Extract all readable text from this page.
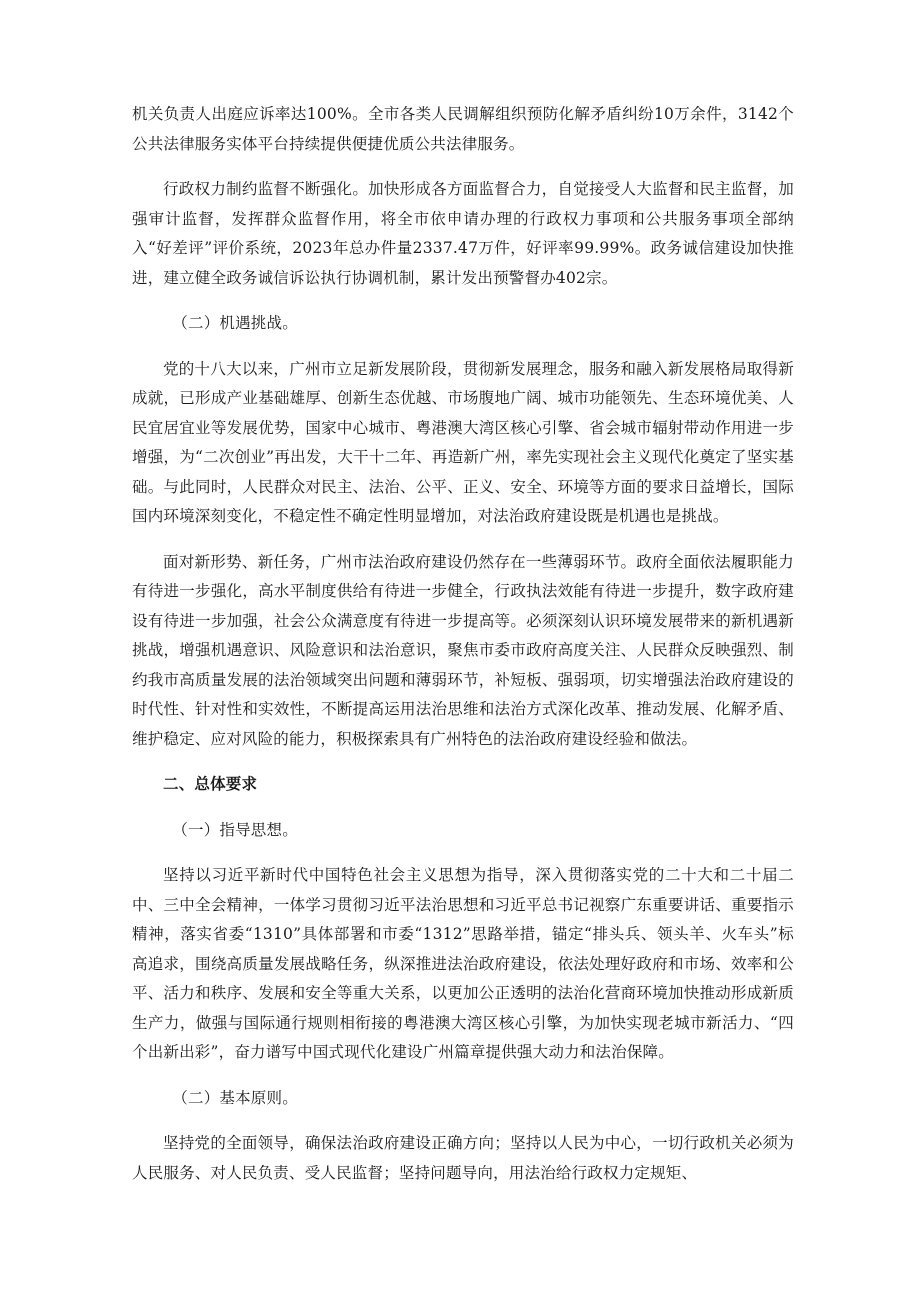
机关负责人出庭应诉率达100%。全市各类人民调解组织预防化解矛盾纠纷10万余件，3142个公共法律服务实体平台持续提供便捷优质公共法律服务。

行政权力制约监督不断强化。加快形成各方面监督合力，自觉接受人大监督和民主监督，加强审计监督，发挥群众监督作用，将全市依申请办理的行政权力事项和公共服务事项全部纳入“好差评”评价系统，2023年总办件量2337.47万件，好评率99.99%。政务诚信建设加快推进，建立健全政务诚信诉讼执行协调机制，累计发出预警督办402宗。

（二）机遇挑战。

党的十八大以来，广州市立足新发展阶段，贯彻新发展理念，服务和融入新发展格局取得新成就，已形成产业基础雄厚、创新生态优越、市场腹地广阔、城市功能领先、生态环境优美、人民宜居宜业等发展优势，国家中心城市、粤港澳大湾区核心引擎、省会城市辐射带动作用进一步增强，为“二次创业”再出发，大干十二年、再造新广州，率先实现社会主义现代化奠定了坚实基础。与此同时，人民群众对民主、法治、公平、正义、安全、环境等方面的要求日益增长，国际国内环境深刻变化，不稳定性不确定性明显增加，对法治政府建设既是机遇也是挑战。

面对新形势、新任务，广州市法治政府建设仍然存在一些薄弱环节。政府全面依法履职能力有待进一步强化，高水平制度供给有待进一步健全，行政执法效能有待进一步提升，数字政府建设有待进一步加强，社会公众满意度有待进一步提高等。必须深刻认识环境发展带来的新机遇新挑战，增强机遇意识、风险意识和法治意识，聚焦市委市政府高度关注、人民群众反映强烈、制约我市高质量发展的法治领域突出问题和薄弱环节，补短板、强弱项，切实增强法治政府建设的时代性、针对性和实效性，不断提高运用法治思维和法治方式深化改革、推动发展、化解矛盾、维护稳定、应对风险的能力，积极探索具有广州特色的法治政府建设经验和做法。

二、总体要求

（一）指导思想。

坚持以习近平新时代中国特色社会主义思想为指导，深入贯彻落实党的二十大和二十届二中、三中全会精神，一体学习贯彻习近平法治思想和习近平总书记视察广东重要讲话、重要指示精神，落实省委“1310”具体部署和市委“1312”思路举措，锚定“排头兵、领头羊、火车头”标高追求，围绕高质量发展战略任务，纵深推进法治政府建设，依法处理好政府和市场、效率和公平、活力和秩序、发展和安全等重大关系，以更加公正透明的法治化营商环境加快推动形成新质生产力，做强与国际通行规则相衔接的粤港澳大湾区核心引擎，为加快实现老城市新活力、“四个出新出彩”，奋力谱写中国式现代化建设广州篇章提供强大动力和法治保障。

（二）基本原则。

坚持党的全面领导，确保法治政府建设正确方向；坚持以人民为中心，一切行政机关必须为人民服务、对人民负责、受人民监督；坚持问题导向，用法治给行政权力定规矩、
